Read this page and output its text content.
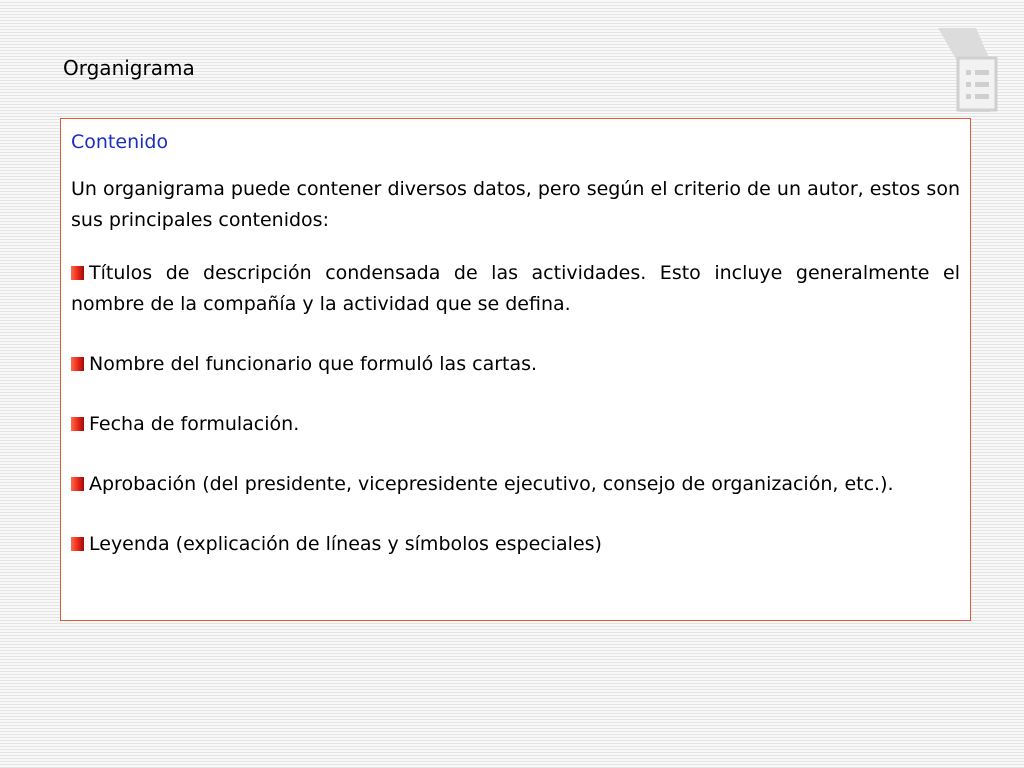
Organigrama
Contenido
Un organigrama puede contener diversos datos, pero según el criterio de un autor, estos son sus principales contenidos:
Títulos de descripción condensada de las actividades. Esto incluye generalmente el nombre de la compañía y la actividad que se defina.
Nombre del funcionario que formuló las cartas.
Fecha de formulación.
Aprobación (del presidente, vicepresidente ejecutivo, consejo de organización, etc.).
Leyenda (explicación de líneas y símbolos especiales)
